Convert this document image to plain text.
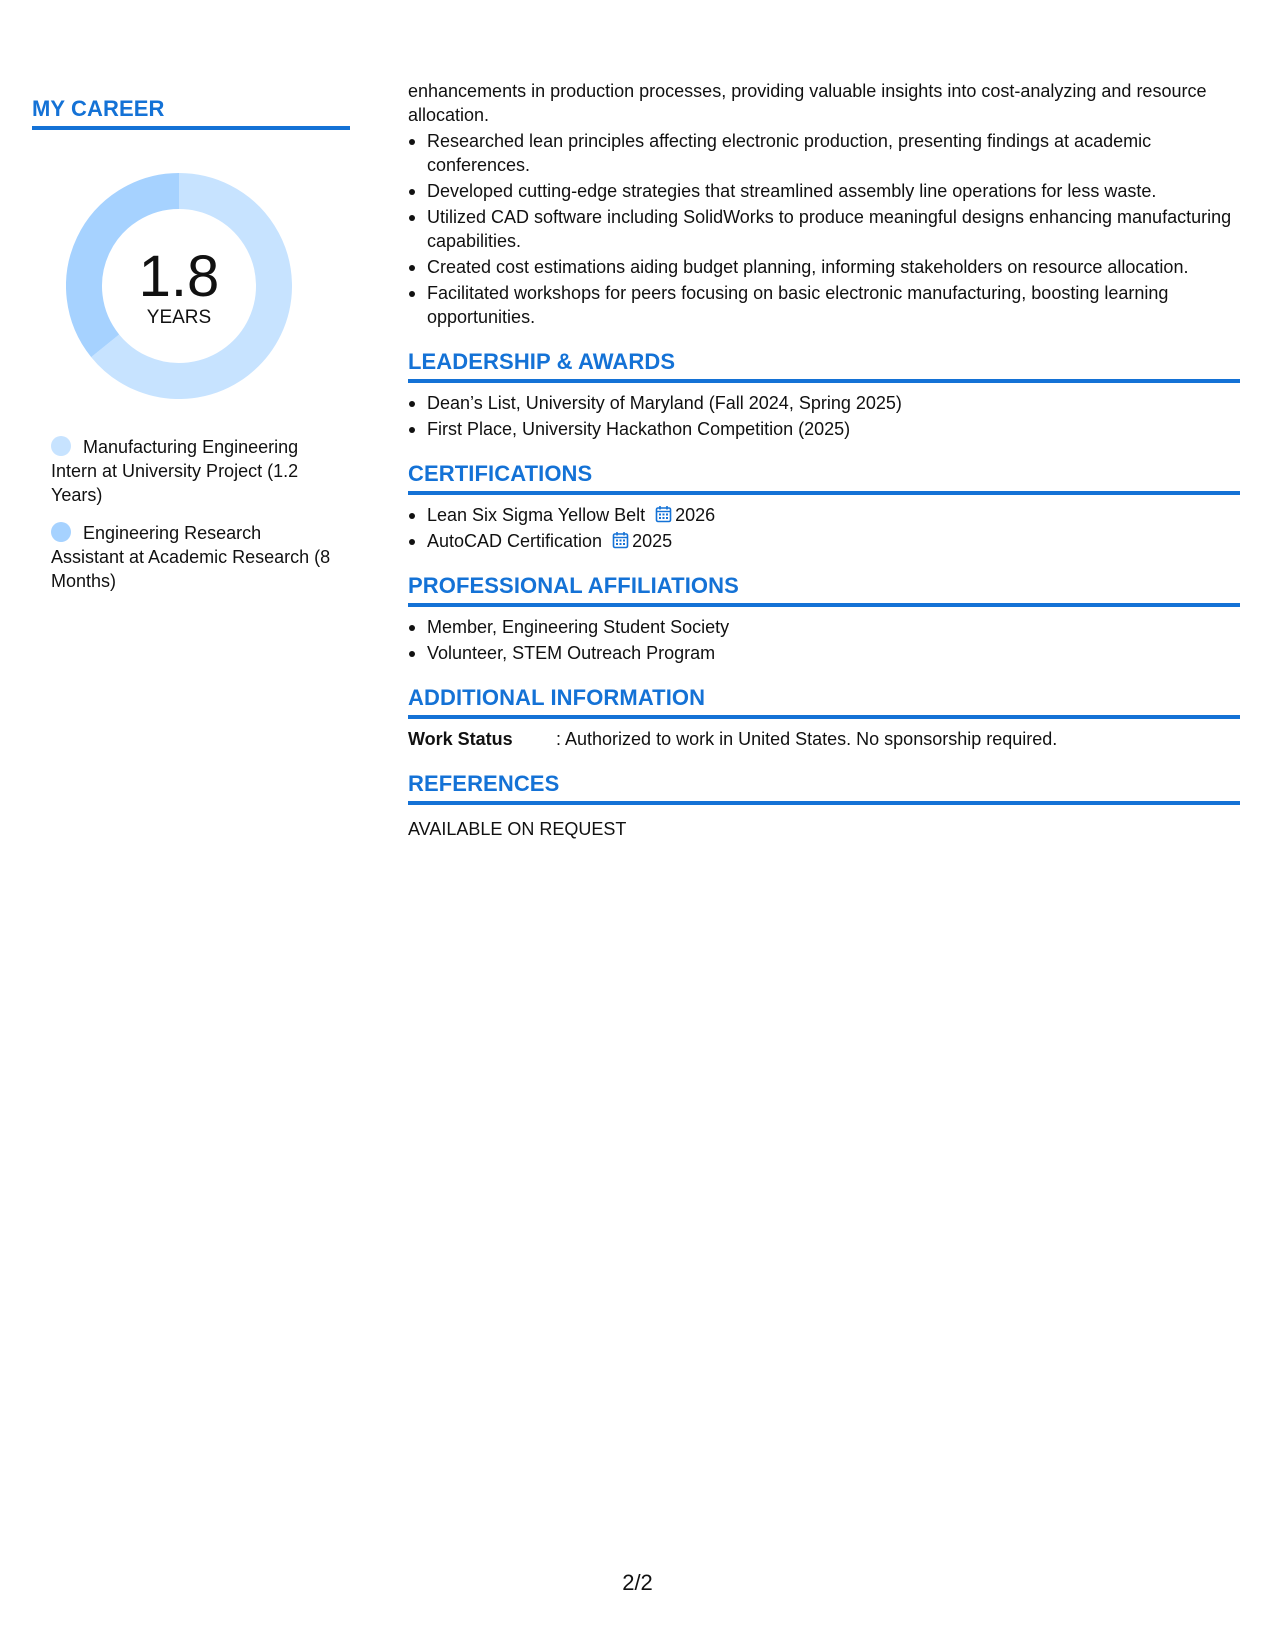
MY CAREER
1.8
YEARS
Manufacturing Engineering Intern at University Project (1.2 Years)
Engineering Research Assistant at Academic Research (8 Months)
enhancements in production processes, providing valuable insights into cost-analyzing and resource allocation.
Researched lean principles affecting electronic production, presenting findings at academic conferences.
Developed cutting-edge strategies that streamlined assembly line operations for less waste.
Utilized CAD software including SolidWorks to produce meaningful designs enhancing manufacturing capabilities.
Created cost estimations aiding budget planning, informing stakeholders on resource allocation.
Facilitated workshops for peers focusing on basic electronic manufacturing, boosting learning opportunities.
LEADERSHIP & AWARDS
Dean’s List, University of Maryland (Fall 2024, Spring 2025)
First Place, University Hackathon Competition (2025)
CERTIFICATIONS
Lean Six Sigma Yellow Belt 2026
AutoCAD Certification 2025
PROFESSIONAL AFFILIATIONS
Member, Engineering Student Society
Volunteer, STEM Outreach Program
ADDITIONAL INFORMATION
Work Status	: Authorized to work in United States. No sponsorship required.
REFERENCES
AVAILABLE ON REQUEST
2/2
